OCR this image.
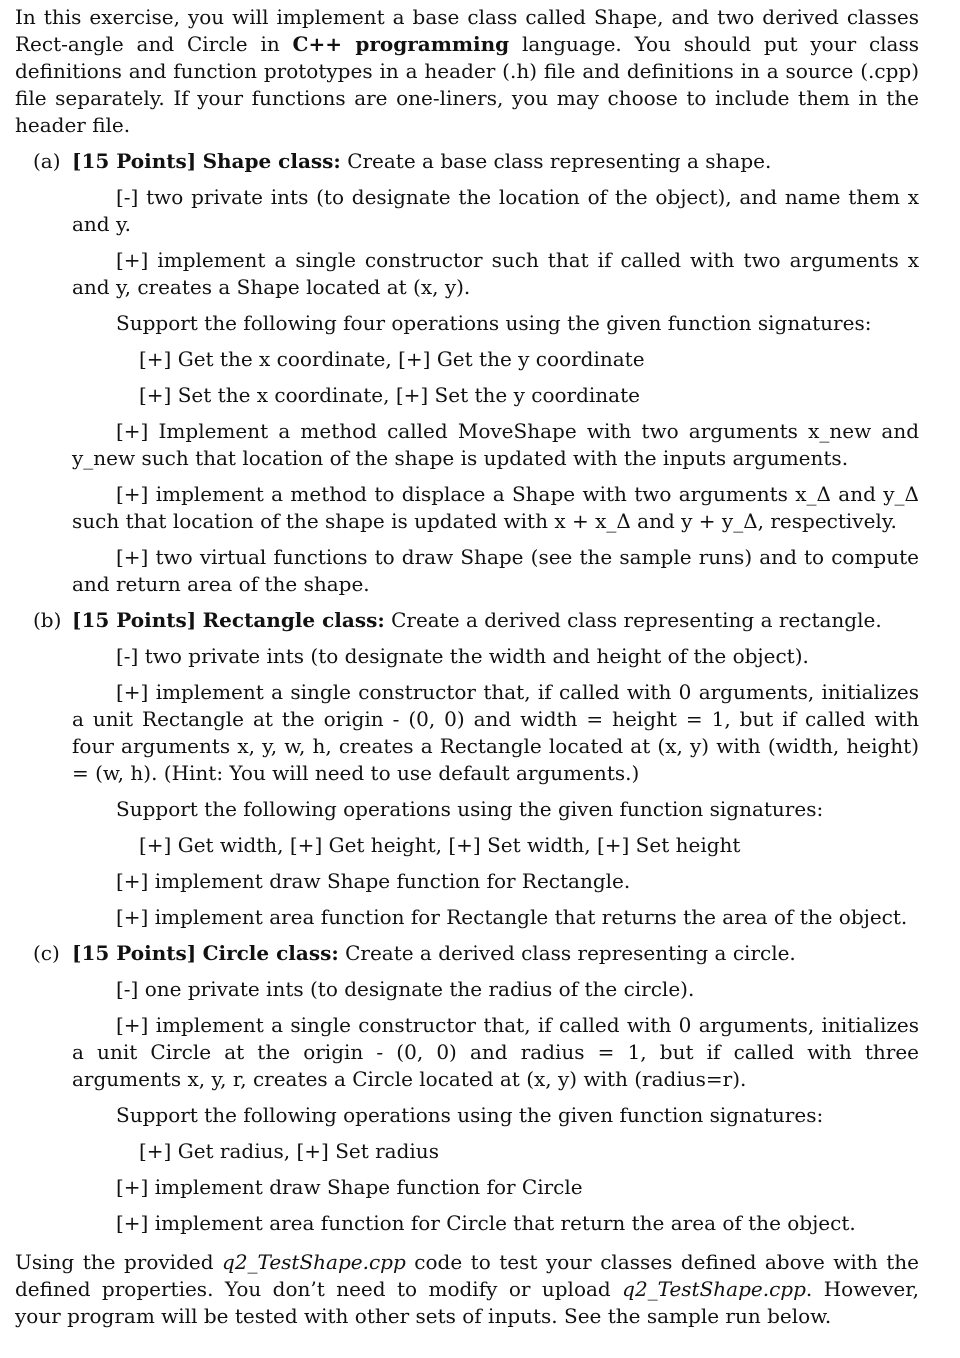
In this exercise, you will implement a base class called Shape, and two derived classes Rect-angle and Circle in C++ programming language. You should put your class definitions and function prototypes in a header (.h) file and definitions in a source (.cpp) file separately. If your functions are one-liners, you may choose to include them in the header file.

(a) [15 Points] Shape class: Create a base class representing a shape.

[-] two private ints (to designate the location of the object), and name them x and y.

[+] implement a single constructor such that if called with two arguments x and y, creates a Shape located at (x, y).

Support the following four operations using the given function signatures:

[+] Get the x coordinate, [+] Get the y coordinate

[+] Set the x coordinate, [+] Set the y coordinate

[+] Implement a method called MoveShape with two arguments x_new and y_new such that location of the shape is updated with the inputs arguments.

[+] implement a method to displace a Shape with two arguments x_Δ and y_Δ such that location of the shape is updated with x + x_Δ and y + y_Δ, respectively.

[+] two virtual functions to draw Shape (see the sample runs) and to compute and return area of the shape.

(b) [15 Points] Rectangle class: Create a derived class representing a rectangle.

[-] two private ints (to designate the width and height of the object).

[+] implement a single constructor that, if called with 0 arguments, initializes a unit Rectangle at the origin - (0, 0) and width = height = 1, but if called with four arguments x, y, w, h, creates a Rectangle located at (x, y) with (width, height) = (w, h). (Hint: You will need to use default arguments.)

Support the following operations using the given function signatures:

[+] Get width, [+] Get height, [+] Set width, [+] Set height

[+] implement draw Shape function for Rectangle.

[+] implement area function for Rectangle that returns the area of the object.

(c) [15 Points] Circle class: Create a derived class representing a circle.

[-] one private ints (to designate the radius of the circle).

[+] implement a single constructor that, if called with 0 arguments, initializes a unit Circle at the origin - (0, 0) and radius = 1, but if called with three arguments x, y, r, creates a Circle located at (x, y) with (radius=r).

Support the following operations using the given function signatures:

[+] Get radius, [+] Set radius

[+] implement draw Shape function for Circle

[+] implement area function for Circle that return the area of the object.

Using the provided q2_TestShape.cpp code to test your classes defined above with the defined properties. You don’t need to modify or upload q2_TestShape.cpp. However, your program will be tested with other sets of inputs. See the sample run below.
